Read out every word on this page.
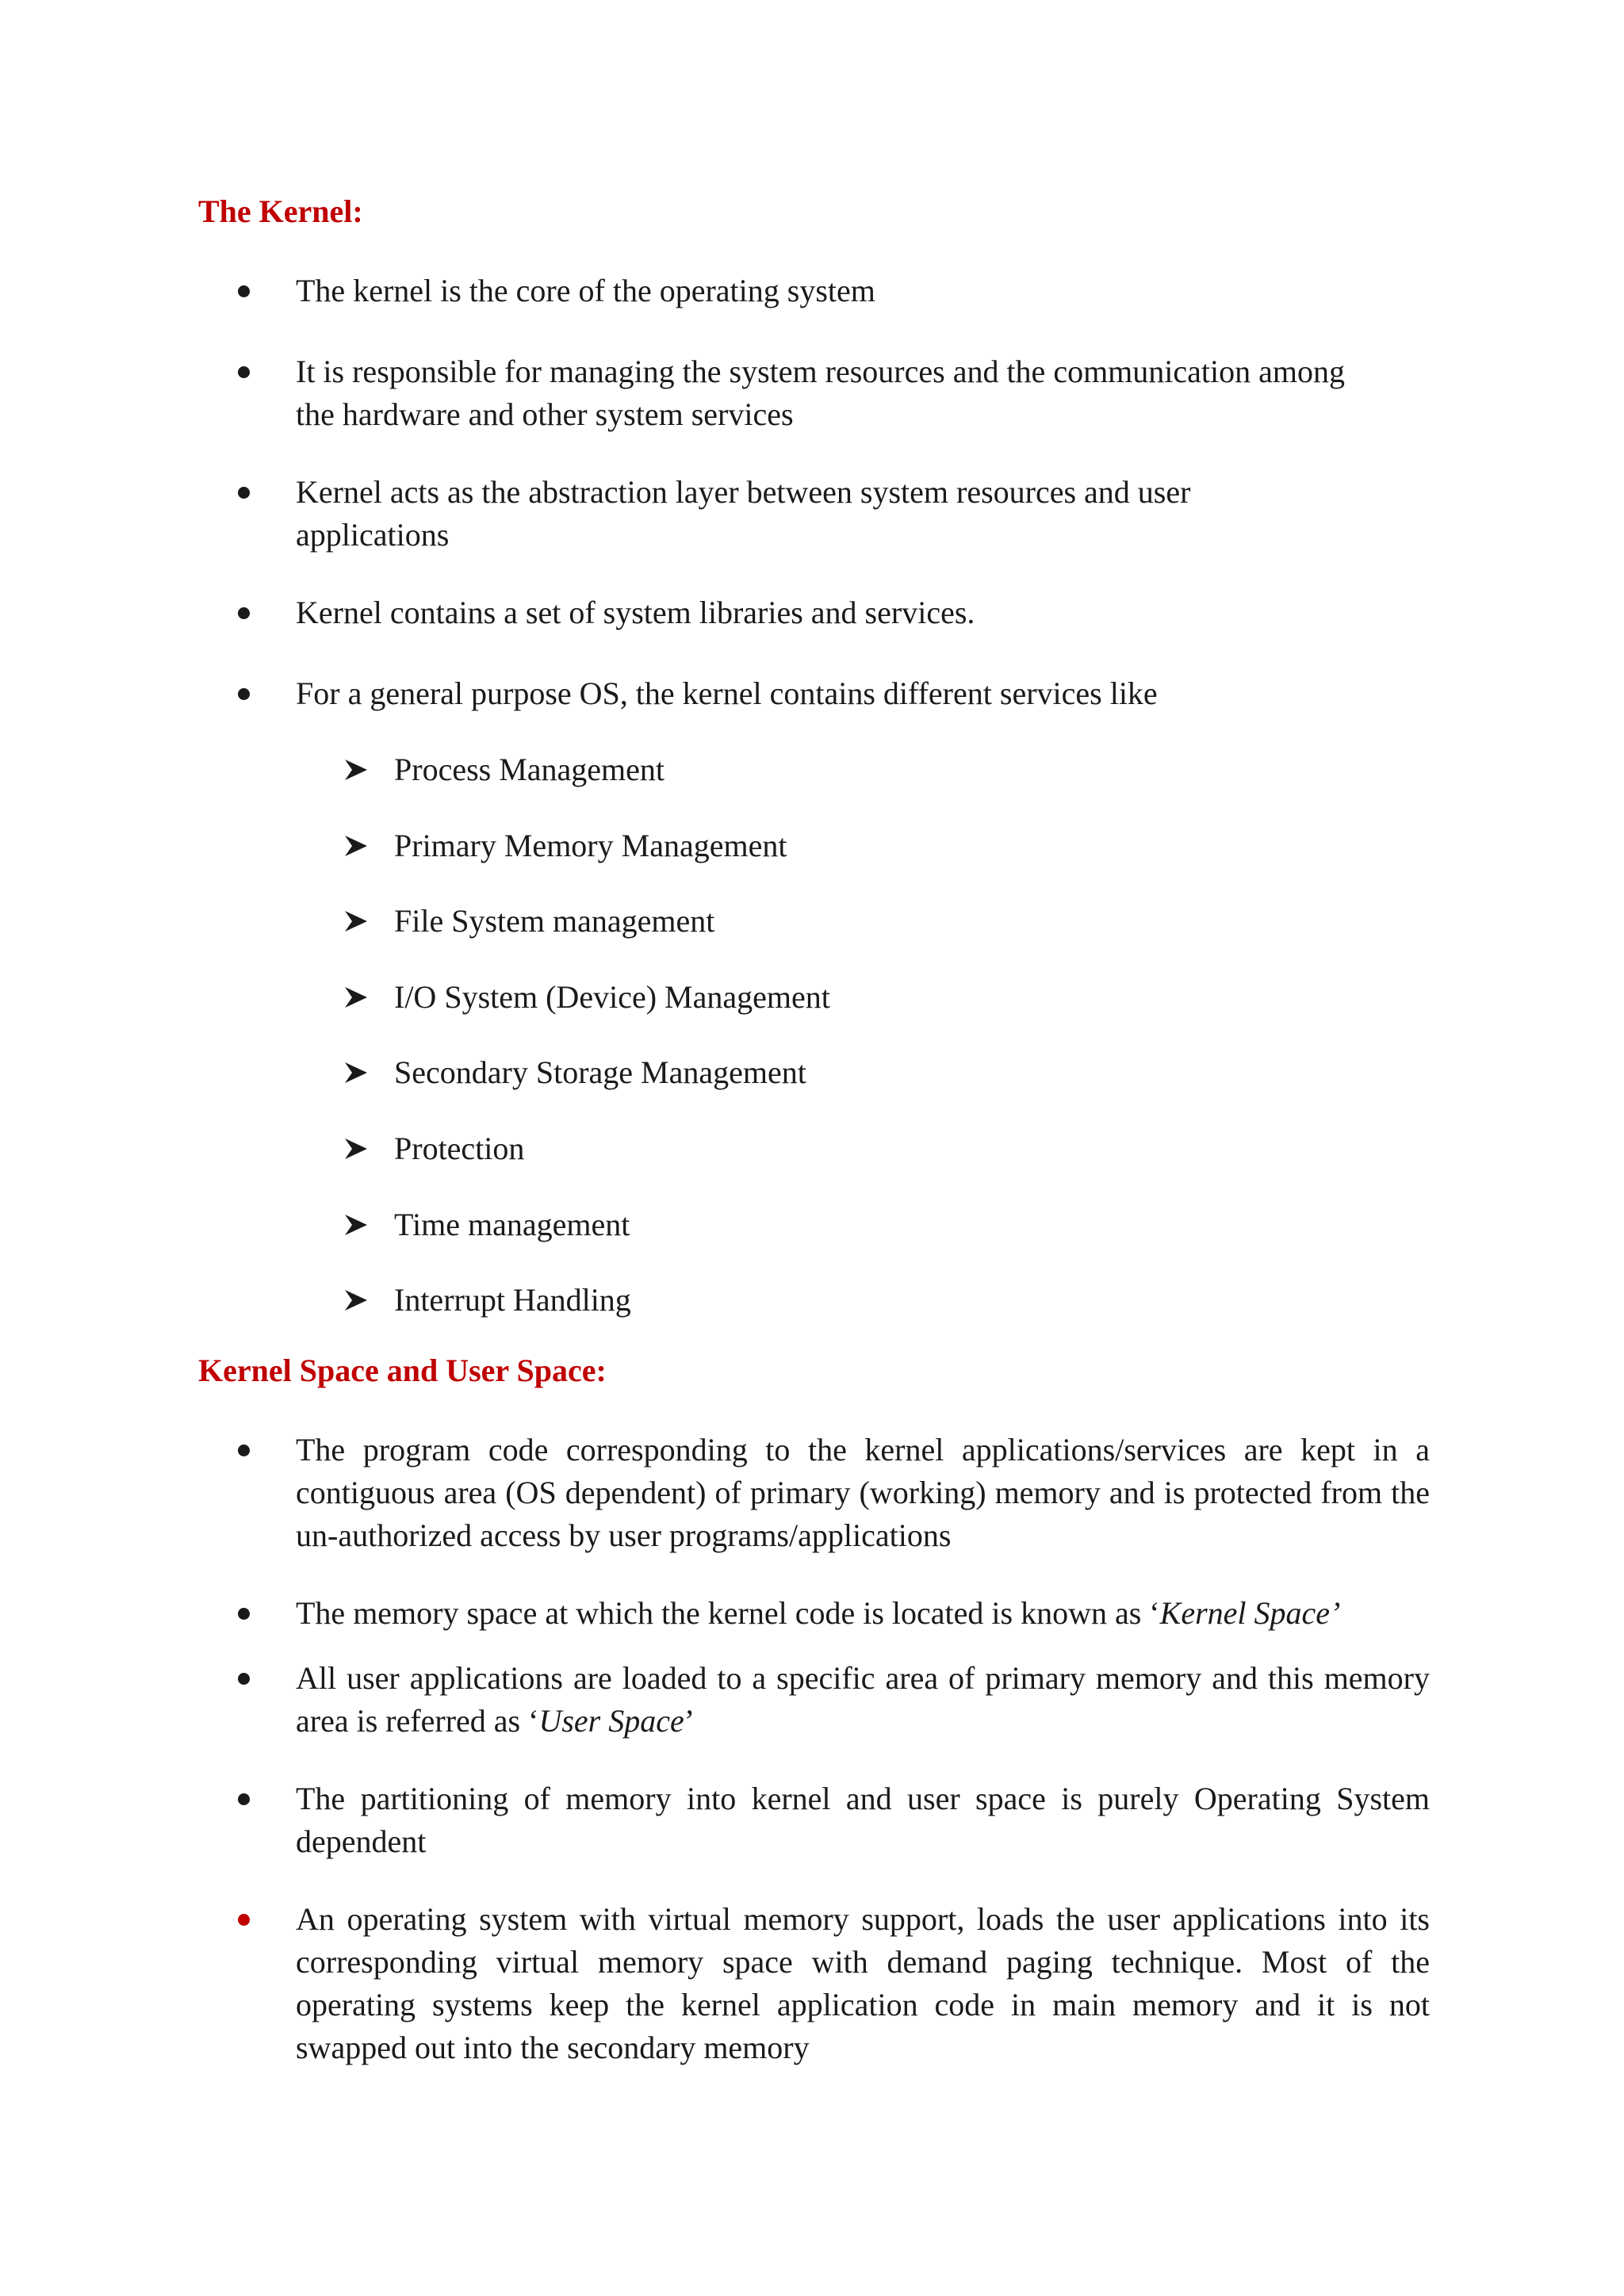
The Kernel:

The kernel is the core of the operating system

It is responsible for managing the system resources and the communication among the hardware and other system services

Kernel acts as the abstraction layer between system resources and user applications

Kernel contains a set of system libraries and services.

For a general purpose OS, the kernel contains different services like

Process Management
Primary Memory Management
File System management
I/O System (Device) Management
Secondary Storage Management
Protection
Time management
Interrupt Handling
Kernel Space and User Space:

The program code corresponding to the kernel applications/services are kept in a contiguous area (OS dependent) of primary (working) memory and is protected from the un-authorized access by user programs/applications

The memory space at which the kernel code is located is known as ‘Kernel Space’

All user applications are loaded to a specific area of primary memory and this memory area is referred as ‘User Space’

The partitioning of memory into kernel and user space is purely Operating System dependent

An operating system with virtual memory support, loads the user applications into its corresponding virtual memory space with demand paging technique. Most of the operating systems keep the kernel application code in main memory and it is not swapped out into the secondary memory
